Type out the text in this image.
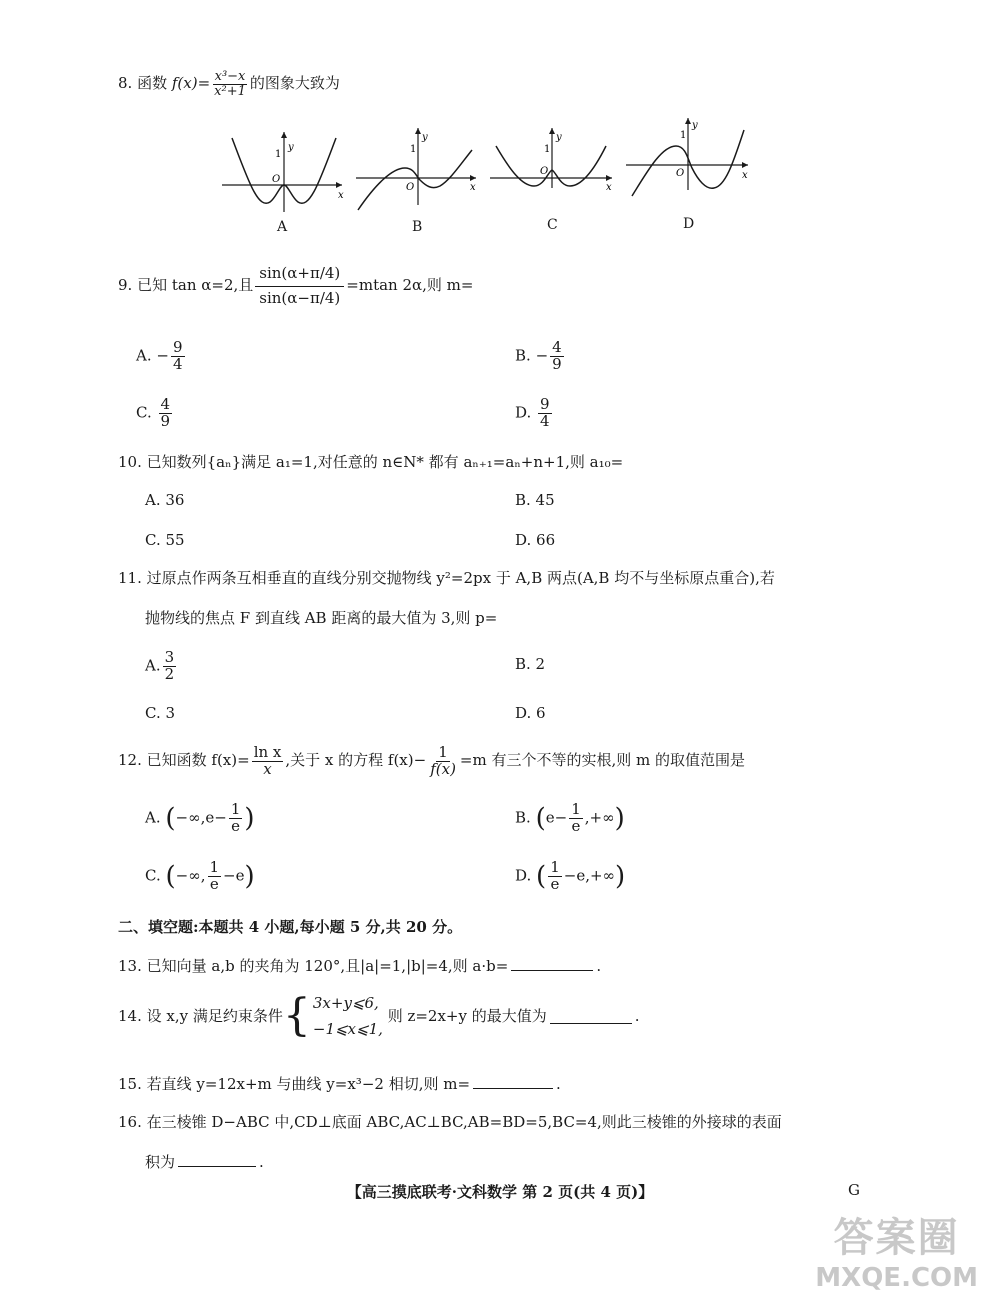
8. 函数 $f(x)= \frac{\text{x³−x}}{\text{x²+1}}$ 的图象大致为
x
y
1
O
x
y
1
O	x
y
1
O	x
y
1
O
A	B	C	D
9. 已知 tan α=2,且 $\frac{\sin(\alpha+\pi/4)}{\sin(\alpha-\pi/4)} =mtan$ 2α,则 m=
A. − $\frac{9}{4}$	B. − $\frac{4}{9}$
C. $\frac{4}{9}$	D. $\frac{9}{4}$
10. 已知数列{aₙ}满足 a₁=1,对任意的 n∈N* 都有 aₙ₊₁=aₙ+n+1,则 a₁₀=
A. 36	B. 45
C. 55	D. 66
11. 过原点作两条互相垂直的直线分别交抛物线 y²=2px 于 A,B 两点(A,B 均不与坐标原点重合),若
抛物线的焦点 F 到直线 AB 距离的最大值为 3,则 p=
A. $\frac{3}{2}$	B. 2
C. 3	D. 6
12. 已知函数 $f(x)= \frac{\text{ln x}}{x}$ ,关于 x 的方程 $f(x)- \frac{1}{f(x)} =m$ 有三个不等的实根,则 m 的取值范围是
A. ($-\infty,e- \frac{1}{e}$ )	B. ($e- \frac{1}{e}$ ,+∞)
C. (−∞, $\frac{1}{e} -e$)	D. ( $\frac{1}{e} -e,+\infty$)
二、填空题:本题共 4 小题,每小题 5 分,共 20 分。
13. 已知向量 a,b 的夹角为 120°,且|a|=1,|b|=4,则 a·b=	.
14. 设 x,y 满足约束条件 { 3x+y⩽6,
−1⩽x⩽1,
则 z=2x+y 的最大值为	.
15. 若直线 y=12x+m 与曲线 y=x³−2 相切,则 m=	.
16. 在三棱锥 D−ABC 中,CD⊥底面 ABC,AC⊥BC,AB=BD=5,BC=4,则此三棱锥的外接球的表面
积为	.
【高三摸底联考·文科数学 第 2 页(共 4 页)】	G
答案圈
MXQE.COM
